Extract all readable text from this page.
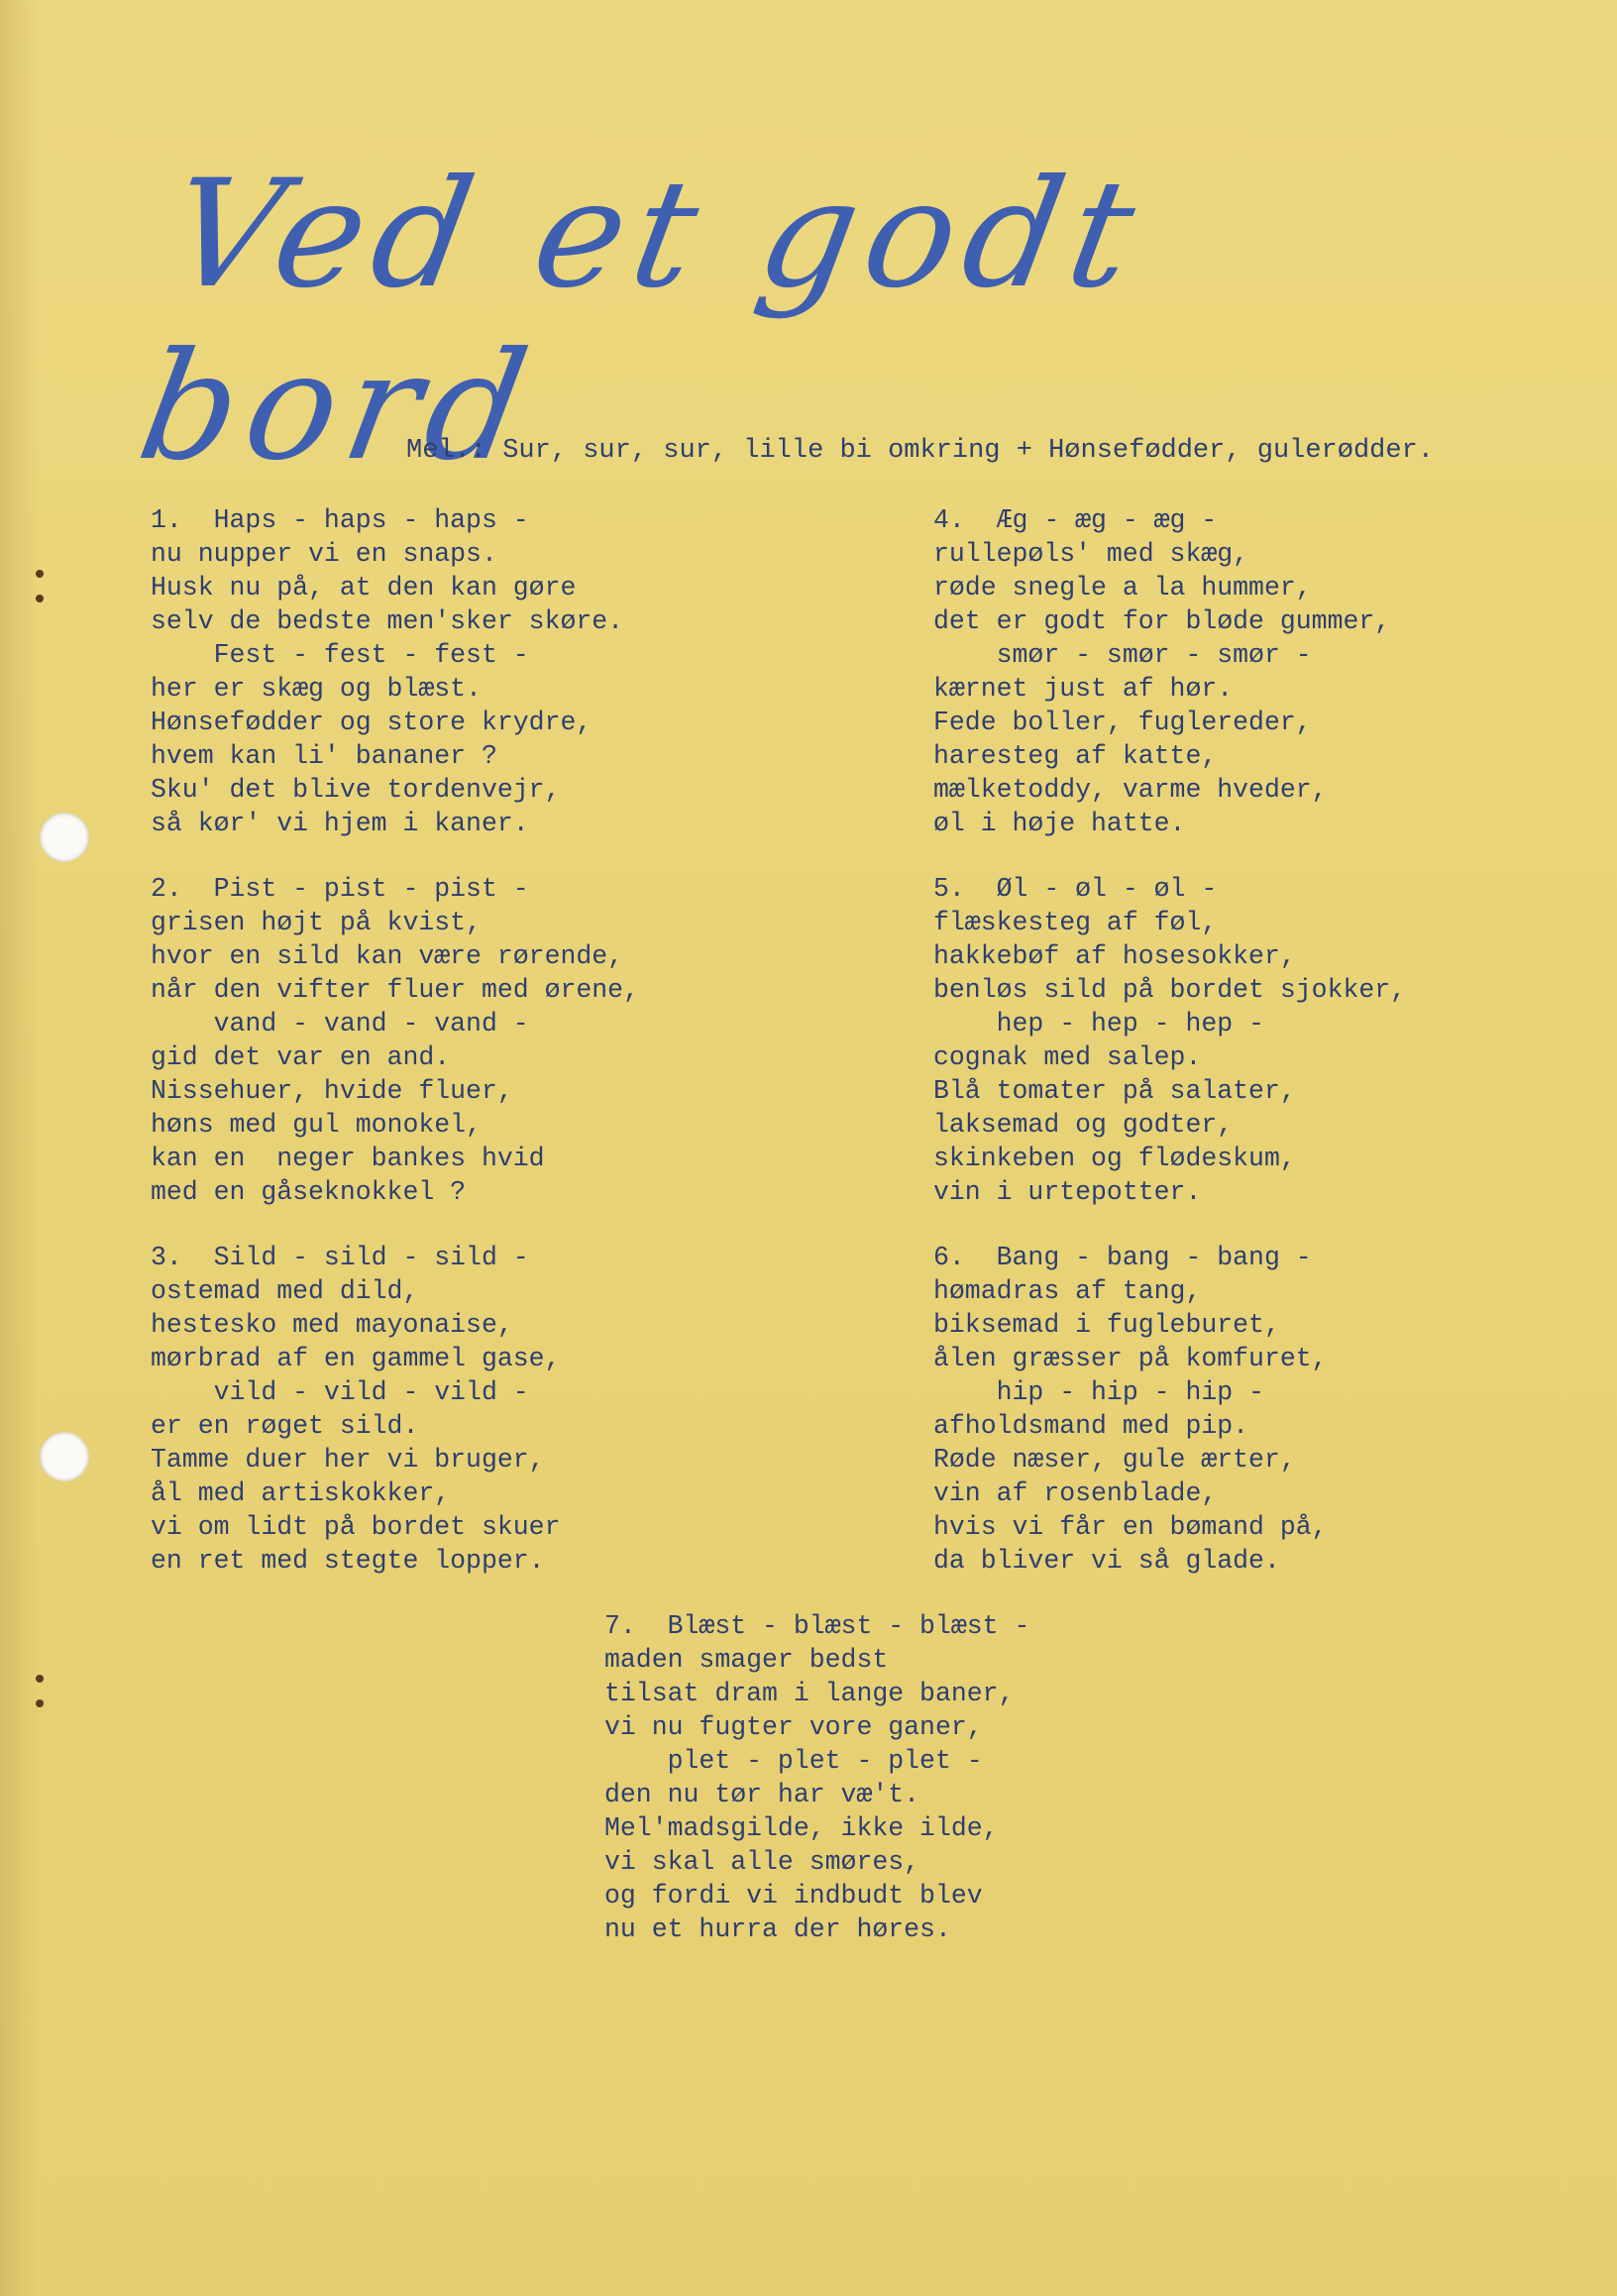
Ved et godt bord
Mel.: Sur, sur, sur, lille bi omkring + Hønsefødder, gulerødder.
1.  Haps - haps - haps -
nu nupper vi en snaps.
Husk nu på, at den kan gøre
selv de bedste men'sker skøre.
Fest - fest - fest -
her er skæg og blæst.
Hønsefødder og store krydre,
hvem kan li' bananer ?
Sku' det blive tordenvejr,
så kør' vi hjem i kaner.
2.  Pist - pist - pist -
grisen højt på kvist,
hvor en sild kan være rørende,
når den vifter fluer med ørene,
vand - vand - vand -
gid det var en and.
Nissehuer, hvide fluer,
høns med gul monokel,
kan en  neger bankes hvid
med en gåseknokkel ?
3.  Sild - sild - sild -
ostemad med dild,
hestesko med mayonaise,
mørbrad af en gammel gase,
vild - vild - vild -
er en røget sild.
Tamme duer her vi bruger,
ål med artiskokker,
vi om lidt på bordet skuer
en ret med stegte lopper.
4.  Æg - æg - æg -
rullepøls' med skæg,
røde snegle a la hummer,
det er godt for bløde gummer,
smør - smør - smør -
kærnet just af hør.
Fede boller, fuglereder,
haresteg af katte,
mælketoddy, varme hveder,
øl i høje hatte.
5.  Øl - øl - øl -
flæskesteg af føl,
hakkebøf af hosesokker,
benløs sild på bordet sjokker,
hep - hep - hep -
cognak med salep.
Blå tomater på salater,
laksemad og godter,
skinkeben og flødeskum,
vin i urtepotter.
6.  Bang - bang - bang -
hømadras af tang,
biksemad i fugleburet,
ålen græsser på komfuret,
hip - hip - hip -
afholdsmand med pip.
Røde næser, gule ærter,
vin af rosenblade,
hvis vi får en bømand på,
da bliver vi så glade.
7.  Blæst - blæst - blæst -
maden smager bedst
tilsat dram i lange baner,
vi nu fugter vore ganer,
plet - plet - plet -
den nu tør har væ't.
Mel'madsgilde, ikke ilde,
vi skal alle smøres,
og fordi vi indbudt blev
nu et hurra der høres.
